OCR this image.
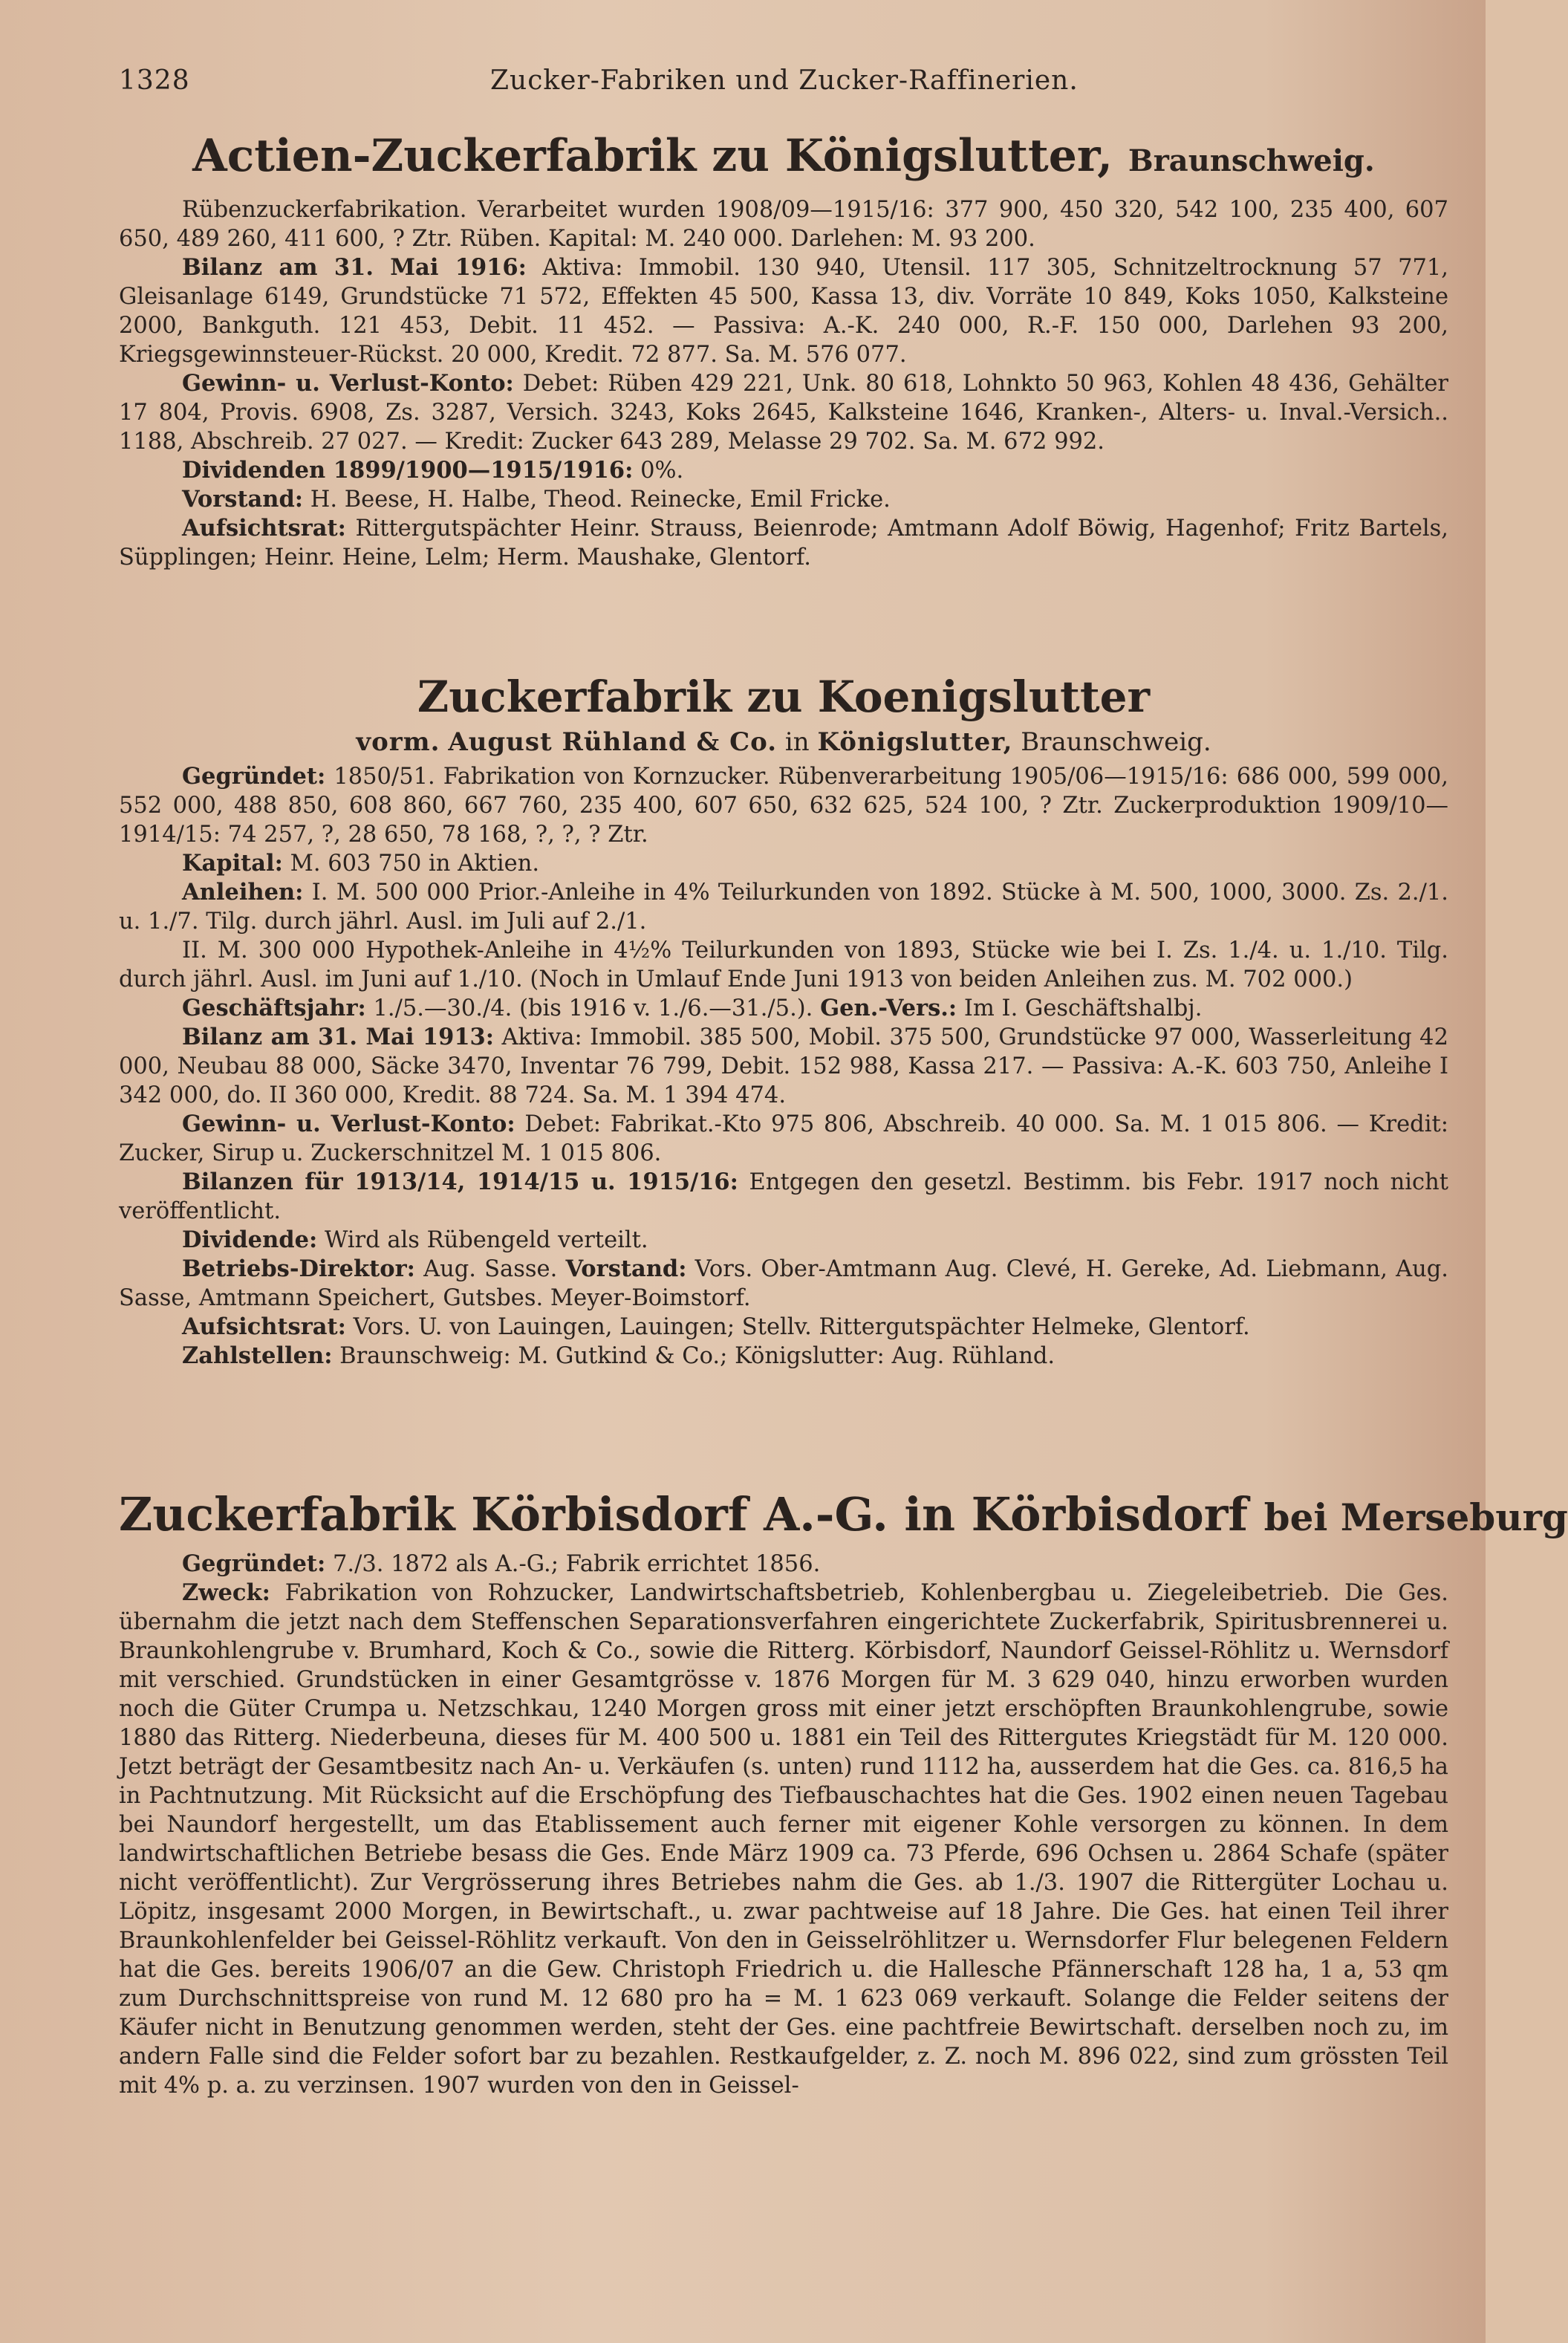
1328	Zucker-Fabriken und Zucker-Raffinerien.
Actien-Zuckerfabrik zu Königslutter, Braunschweig.

Rübenzuckerfabrikation. Verarbeitet wurden 1908/09—1915/16: 377 900, 450 320, 542 100, 235 400, 607 650, 489 260, 411 600, ? Ztr. Rüben. Kapital: M. 240 000. Darlehen: M. 93 200.

Bilanz am 31. Mai 1916: Aktiva: Immobil. 130 940, Utensil. 117 305, Schnitzeltrocknung 57 771, Gleisanlage 6149, Grundstücke 71 572, Effekten 45 500, Kassa 13, div. Vorräte 10 849, Koks 1050, Kalksteine 2000, Bankguth. 121 453, Debit. 11 452. — Passiva: A.-K. 240 000, R.-F. 150 000, Darlehen 93 200, Kriegsgewinnsteuer-Rückst. 20 000, Kredit. 72 877. Sa. M. 576 077.

Gewinn- u. Verlust-Konto: Debet: Rüben 429 221, Unk. 80 618, Lohnkto 50 963, Kohlen 48 436, Gehälter 17 804, Provis. 6908, Zs. 3287, Versich. 3243, Koks 2645, Kalksteine 1646, Kranken-, Alters- u. Inval.-Versich.. 1188, Abschreib. 27 027. — Kredit: Zucker 643 289, Melasse 29 702. Sa. M. 672 992.

Dividenden 1899/1900—1915/1916: 0%.

Vorstand: H. Beese, H. Halbe, Theod. Reinecke, Emil Fricke.

Aufsichtsrat: Rittergutspächter Heinr. Strauss, Beienrode; Amtmann Adolf Böwig, Hagenhof; Fritz Bartels, Süpplingen; Heinr. Heine, Lelm; Herm. Maushake, Glentorf.

Zuckerfabrik zu Koenigslutter
vorm. August Rühland & Co. in Königslutter, Braunschweig.

Gegründet: 1850/51. Fabrikation von Kornzucker. Rübenverarbeitung 1905/06—1915/16: 686 000, 599 000, 552 000, 488 850, 608 860, 667 760, 235 400, 607 650, 632 625, 524 100, ? Ztr. Zuckerproduktion 1909/10—1914/15: 74 257, ?, 28 650, 78 168, ?, ?, ? Ztr.

Kapital: M. 603 750 in Aktien.

Anleihen: I. M. 500 000 Prior.-Anleihe in 4% Teilurkunden von 1892. Stücke à M. 500, 1000, 3000. Zs. 2./1. u. 1./7. Tilg. durch jährl. Ausl. im Juli auf 2./1.

II. M. 300 000 Hypothek-Anleihe in 4½% Teilurkunden von 1893, Stücke wie bei I. Zs. 1./4. u. 1./10. Tilg. durch jährl. Ausl. im Juni auf 1./10. (Noch in Umlauf Ende Juni 1913 von beiden Anleihen zus. M. 702 000.)

Geschäftsjahr: 1./5.—30./4. (bis 1916 v. 1./6.—31./5.). Gen.-Vers.: Im I. Geschäftshalbj.

Bilanz am 31. Mai 1913: Aktiva: Immobil. 385 500, Mobil. 375 500, Grundstücke 97 000, Wasserleitung 42 000, Neubau 88 000, Säcke 3470, Inventar 76 799, Debit. 152 988, Kassa 217. — Passiva: A.-K. 603 750, Anleihe I 342 000, do. II 360 000, Kredit. 88 724. Sa. M. 1 394 474.

Gewinn- u. Verlust-Konto: Debet: Fabrikat.-Kto 975 806, Abschreib. 40 000. Sa. M. 1 015 806. — Kredit: Zucker, Sirup u. Zuckerschnitzel M. 1 015 806.

Bilanzen für 1913/14, 1914/15 u. 1915/16: Entgegen den gesetzl. Bestimm. bis Febr. 1917 noch nicht veröffentlicht.

Dividende: Wird als Rübengeld verteilt.

Betriebs-Direktor: Aug. Sasse. Vorstand: Vors. Ober-Amtmann Aug. Clevé, H. Gereke, Ad. Liebmann, Aug. Sasse, Amtmann Speichert, Gutsbes. Meyer-Boimstorf.

Aufsichtsrat: Vors. U. von Lauingen, Lauingen; Stellv. Rittergutspächter Helmeke, Glentorf.

Zahlstellen: Braunschweig: M. Gutkind & Co.; Königslutter: Aug. Rühland.

Zuckerfabrik Körbisdorf A.-G. in Körbisdorf bei Merseburg

Gegründet: 7./3. 1872 als A.-G.; Fabrik errichtet 1856.

Zweck: Fabrikation von Rohzucker, Landwirtschaftsbetrieb, Kohlenbergbau u. Ziegeleibetrieb. Die Ges. übernahm die jetzt nach dem Steffenschen Separationsverfahren eingerichtete Zuckerfabrik, Spiritusbrennerei u. Braunkohlengrube v. Brumhard, Koch & Co., sowie die Ritterg. Körbisdorf, Naundorf Geissel-Röhlitz u. Wernsdorf mit verschied. Grundstücken in einer Gesamtgrösse v. 1876 Morgen für M. 3 629 040, hinzu erworben wurden noch die Güter Crumpa u. Netzschkau, 1240 Morgen gross mit einer jetzt erschöpften Braunkohlengrube, sowie 1880 das Ritterg. Niederbeuna, dieses für M. 400 500 u. 1881 ein Teil des Rittergutes Kriegstädt für M. 120 000. Jetzt beträgt der Gesamtbesitz nach An- u. Verkäufen (s. unten) rund 1112 ha, ausserdem hat die Ges. ca. 816,5 ha in Pachtnutzung. Mit Rücksicht auf die Erschöpfung des Tiefbauschachtes hat die Ges. 1902 einen neuen Tagebau bei Naundorf hergestellt, um das Etablissement auch ferner mit eigener Kohle versorgen zu können. In dem landwirtschaftlichen Betriebe besass die Ges. Ende März 1909 ca. 73 Pferde, 696 Ochsen u. 2864 Schafe (später nicht veröffentlicht). Zur Vergrösserung ihres Betriebes nahm die Ges. ab 1./3. 1907 die Rittergüter Lochau u. Löpitz, insgesamt 2000 Morgen, in Bewirtschaft., u. zwar pachtweise auf 18 Jahre. Die Ges. hat einen Teil ihrer Braunkohlenfelder bei Geissel-Röhlitz verkauft. Von den in Geisselröhlitzer u. Wernsdorfer Flur belegenen Feldern hat die Ges. bereits 1906/07 an die Gew. Christoph Friedrich u. die Hallesche Pfännerschaft 128 ha, 1 a, 53 qm zum Durchschnittspreise von rund M. 12 680 pro ha = M. 1 623 069 verkauft. Solange die Felder seitens der Käufer nicht in Benutzung genommen werden, steht der Ges. eine pachtfreie Bewirtschaft. derselben noch zu, im andern Falle sind die Felder sofort bar zu bezahlen. Restkaufgelder, z. Z. noch M. 896 022, sind zum grössten Teil mit 4% p. a. zu verzinsen. 1907 wurden von den in Geissel-
